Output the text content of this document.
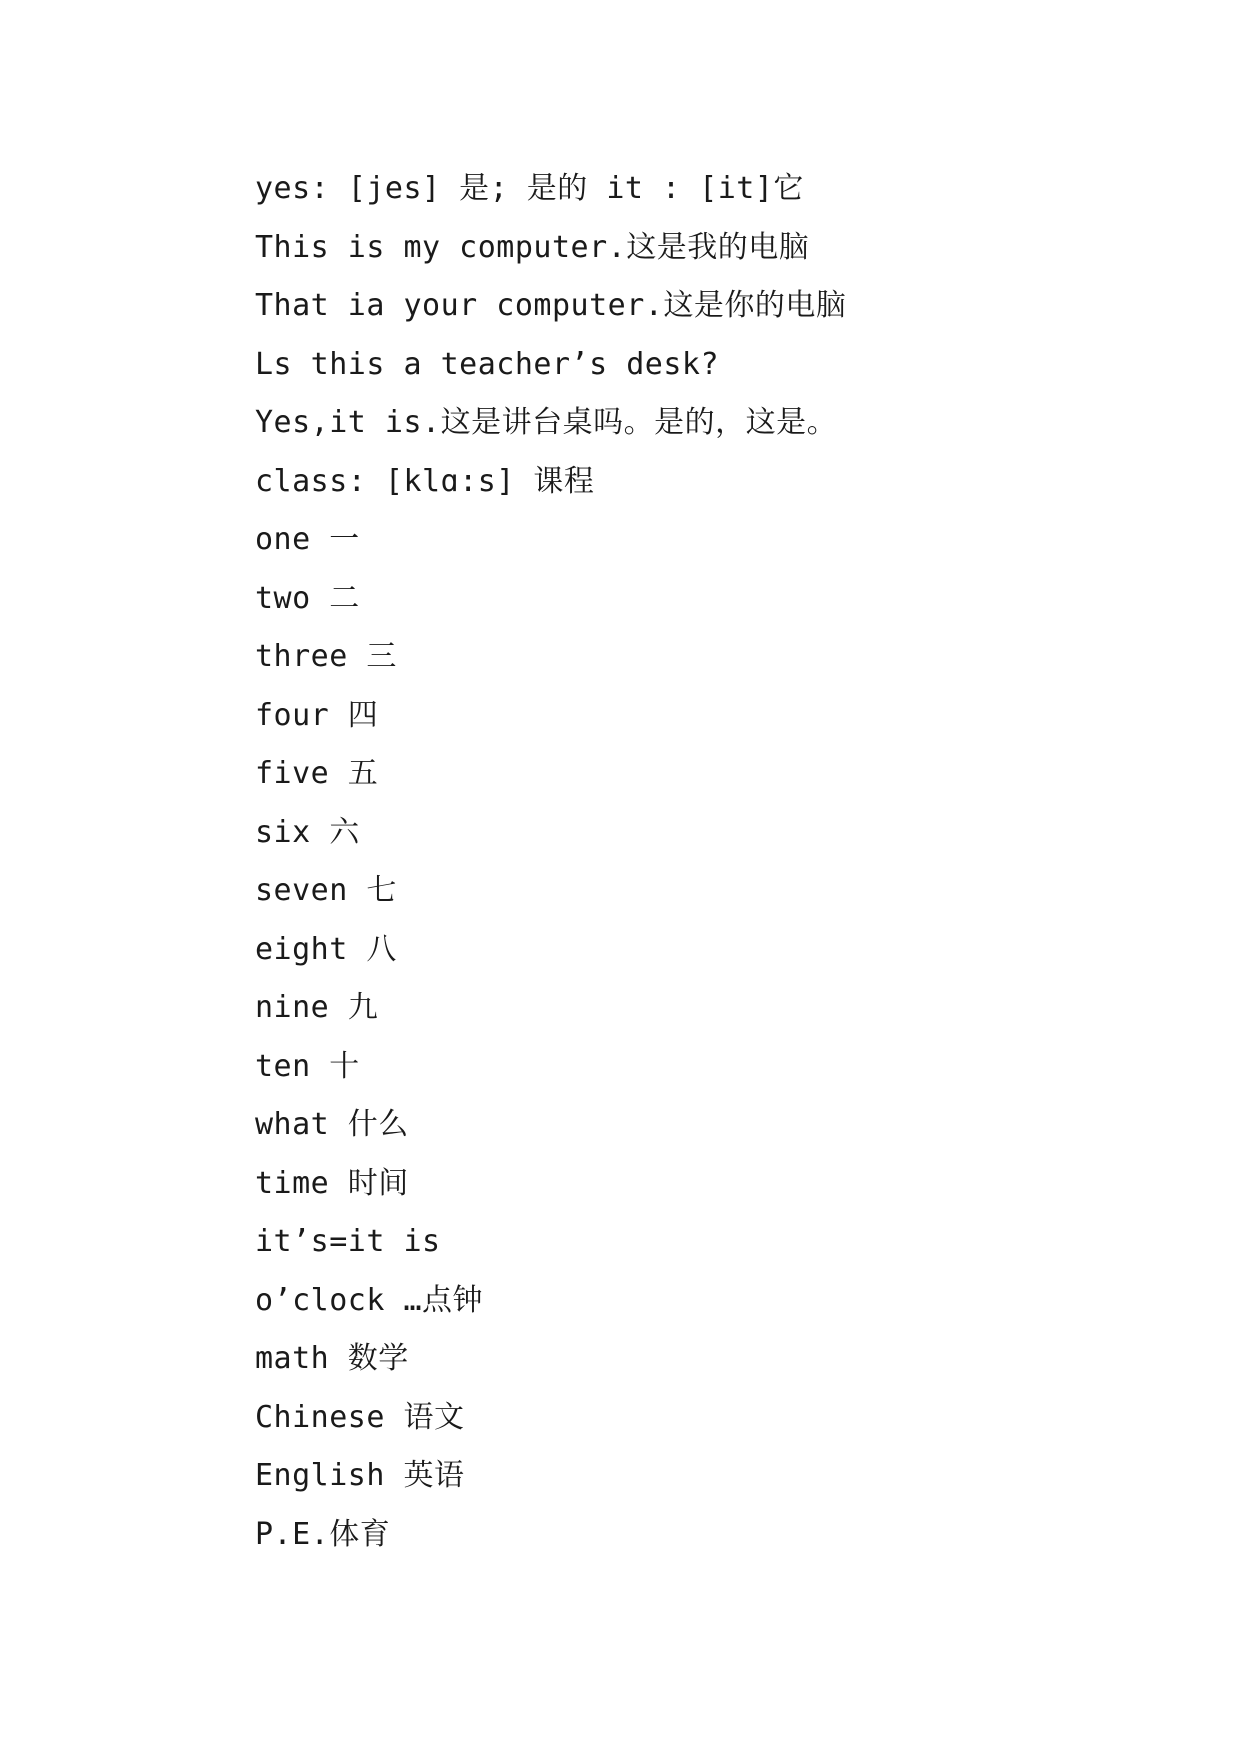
yes: [jes] 是; 是的 it : [it]它
This is my computer.这是我的电脑
That ia your computer.这是你的电脑
Ls this a teacher’s desk?
Yes,it is.这是讲台桌吗。是的，这是。
class: [klɑ:s] 课程
one 一
two 二
three 三
four 四
five 五
six 六
seven 七
eight 八
nine 九
ten 十
what 什么
time 时间
it’s=it is
o’clock …点钟
math 数学
Chinese 语文
English 英语
P.E.体育
